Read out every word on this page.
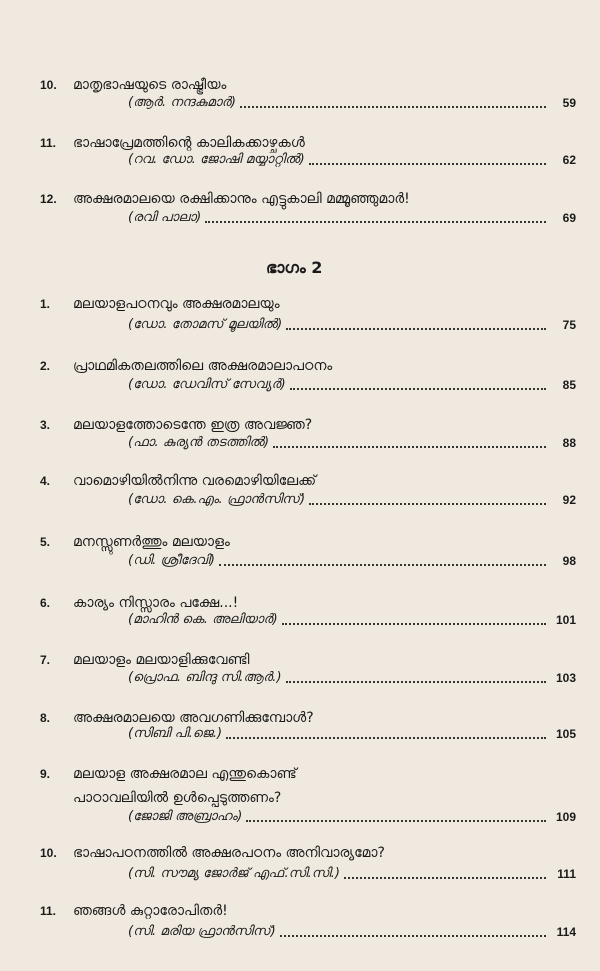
10. മാതൃഭാഷയുടെ രാഷ്ട്രീയം
(ആർ. നന്ദകുമാർ)	59
11. ഭാഷാപ്രേമത്തിന്റെ കാലികക്കാഴ്ചകൾ
(റവ. ഡോ. ജോഷി മയ്യാറ്റിൽ)	62
12. അക്ഷരമാലയെ രക്ഷിക്കാനും എട്ടുകാലി മമ്മൂഞ്ഞുമാർ!
(രവി പാലാ)	69
ഭാഗം 2
1. മലയാളപഠനവും അക്ഷരമാലയും
(ഡോ. തോമസ് മൂലയിൽ)	75
2. പ്രാഥമികതലത്തിലെ അക്ഷരമാലാപഠനം
(ഡോ. ഡേവിസ് സേവ്യർ)	85
3. മലയാളത്തോടെന്തേ ഇത്ര അവജ്ഞ?
(ഫാ. കുര്യൻ തടത്തിൽ)	88
4. വാമൊഴിയിൽനിന്നു വരമൊഴിയിലേക്ക്
(ഡോ. കെ.എം. ഫ്രാൻസിസ്)	92
5. മനസ്സുണർത്തും മലയാളം
(ഡി. ശ്രീദേവി)	98
6. കാര്യം നിസ്സാരം പക്ഷേ...!
(മാഹിൻ കെ. അലിയാർ)	101
7. മലയാളം മലയാളിക്കുവേണ്ടി
(പ്രൊഫ. ബിന്ദു സി.ആർ.)	103
8. അക്ഷരമാലയെ അവഗണിക്കുമ്പോൾ?
(സിബി പി.ജെ.)	105
9. മലയാള അക്ഷരമാല എന്തുകൊണ്ട്
പാഠാവലിയിൽ ഉൾപ്പെടുത്തണം?
(ജോജി അബ്രാഹം)	109
10. ഭാഷാപഠനത്തിൽ അക്ഷരപഠനം അനിവാര്യമോ?
(സി. സൗമ്യ ജോർജ് എഫ്.സി.സി.)	111
11. ഞങ്ങൾ കുറ്റാരോപിതർ!
(സി. മരിയ ഫ്രാൻസിസ്)	114
